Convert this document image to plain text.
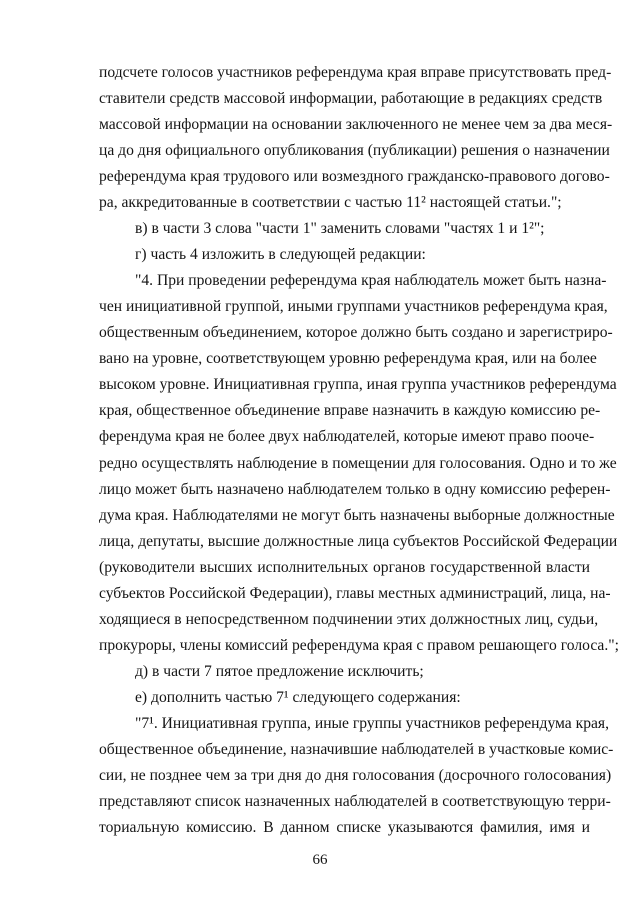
подсчете голосов участников референдума края вправе присутствовать пред-
ставители средств массовой информации, работающие в редакциях средств
массовой информации на основании заключенного не менее чем за два меся-
ца до дня официального опубликования (публикации) решения о назначении
референдума края трудового или возмездного гражданско-правового догово-
ра, аккредитованные в соответствии с частью 11² настоящей статьи.";
в) в части 3 слова "части 1" заменить словами "частях 1 и 1²";
г) часть 4 изложить в следующей редакции:
"4. При проведении референдума края наблюдатель может быть назна-
чен инициативной группой, иными группами участников референдума края,
общественным объединением, которое должно быть создано и зарегистриро-
вано на уровне, соответствующем уровню референдума края, или на более
высоком уровне. Инициативная группа, иная группа участников референдума
края, общественное объединение вправе назначить в каждую комиссию ре-
ферендума края не более двух наблюдателей, которые имеют право пооче-
редно осуществлять наблюдение в помещении для голосования. Одно и то же
лицо может быть назначено наблюдателем только в одну комиссию референ-
дума края. Наблюдателями не могут быть назначены выборные должностные
лица, депутаты, высшие должностные лица субъектов Российской Федерации
(руководители высших исполнительных органов государственной власти
субъектов Российской Федерации), главы местных администраций, лица, на-
ходящиеся в непосредственном подчинении этих должностных лиц, судьи,
прокуроры, члены комиссий референдума края с правом решающего голоса.";
д) в части 7 пятое предложение исключить;
е) дополнить частью 7¹ следующего содержания:
"7¹. Инициативная группа, иные группы участников референдума края,
общественное объединение, назначившие наблюдателей в участковые комис-
сии, не позднее чем за три дня до дня голосования (досрочного голосования)
представляют список назначенных наблюдателей в соответствующую терри-
ториальную комиссию. В данном списке указываются фамилия, имя и
66
